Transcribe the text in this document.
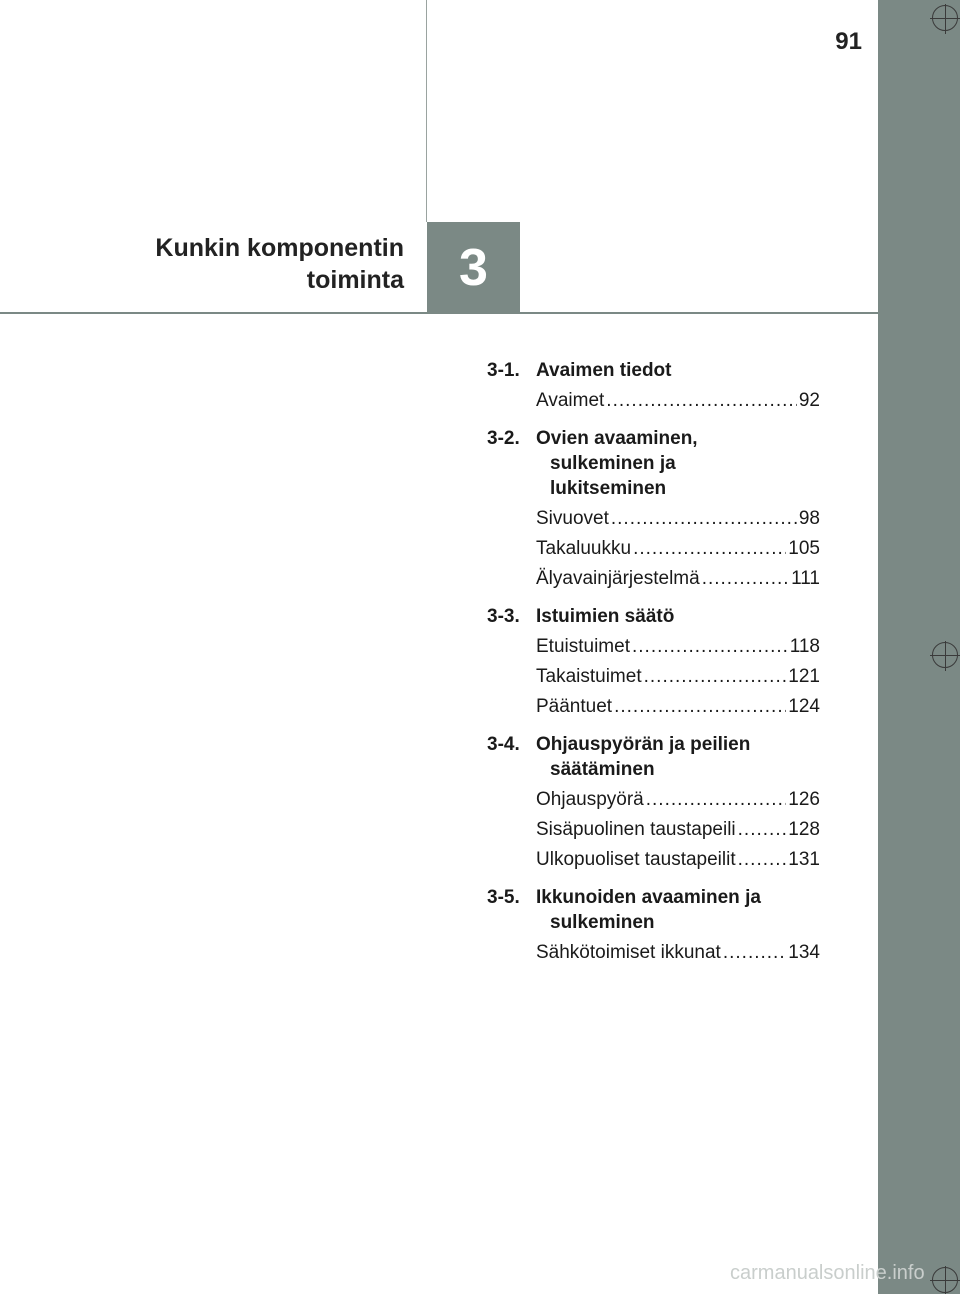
91
Kunkin komponentin
toiminta	3
3-1. Avaimen tiedot
Avaimet .....	92
3-2. Ovien avaaminen,
sulkeminen ja
lukitseminen
Sivuovet .....	98
Takaluukku .....	105
Älyavainjärjestelmä .....	111
3-3. Istuimien säätö
Etuistuimet .....	118
Takaistuimet .....	121
Pääntuet .....	124
3-4. Ohjauspyörän ja peilien
säätäminen
Ohjauspyörä .....	126
Sisäpuolinen taustapeili .....	128
Ulkopuoliset taustapeilit .....	131
3-5. Ikkunoiden avaaminen ja
sulkeminen
Sähkötoimiset ikkunat .....	134
carmanualsonline.info
